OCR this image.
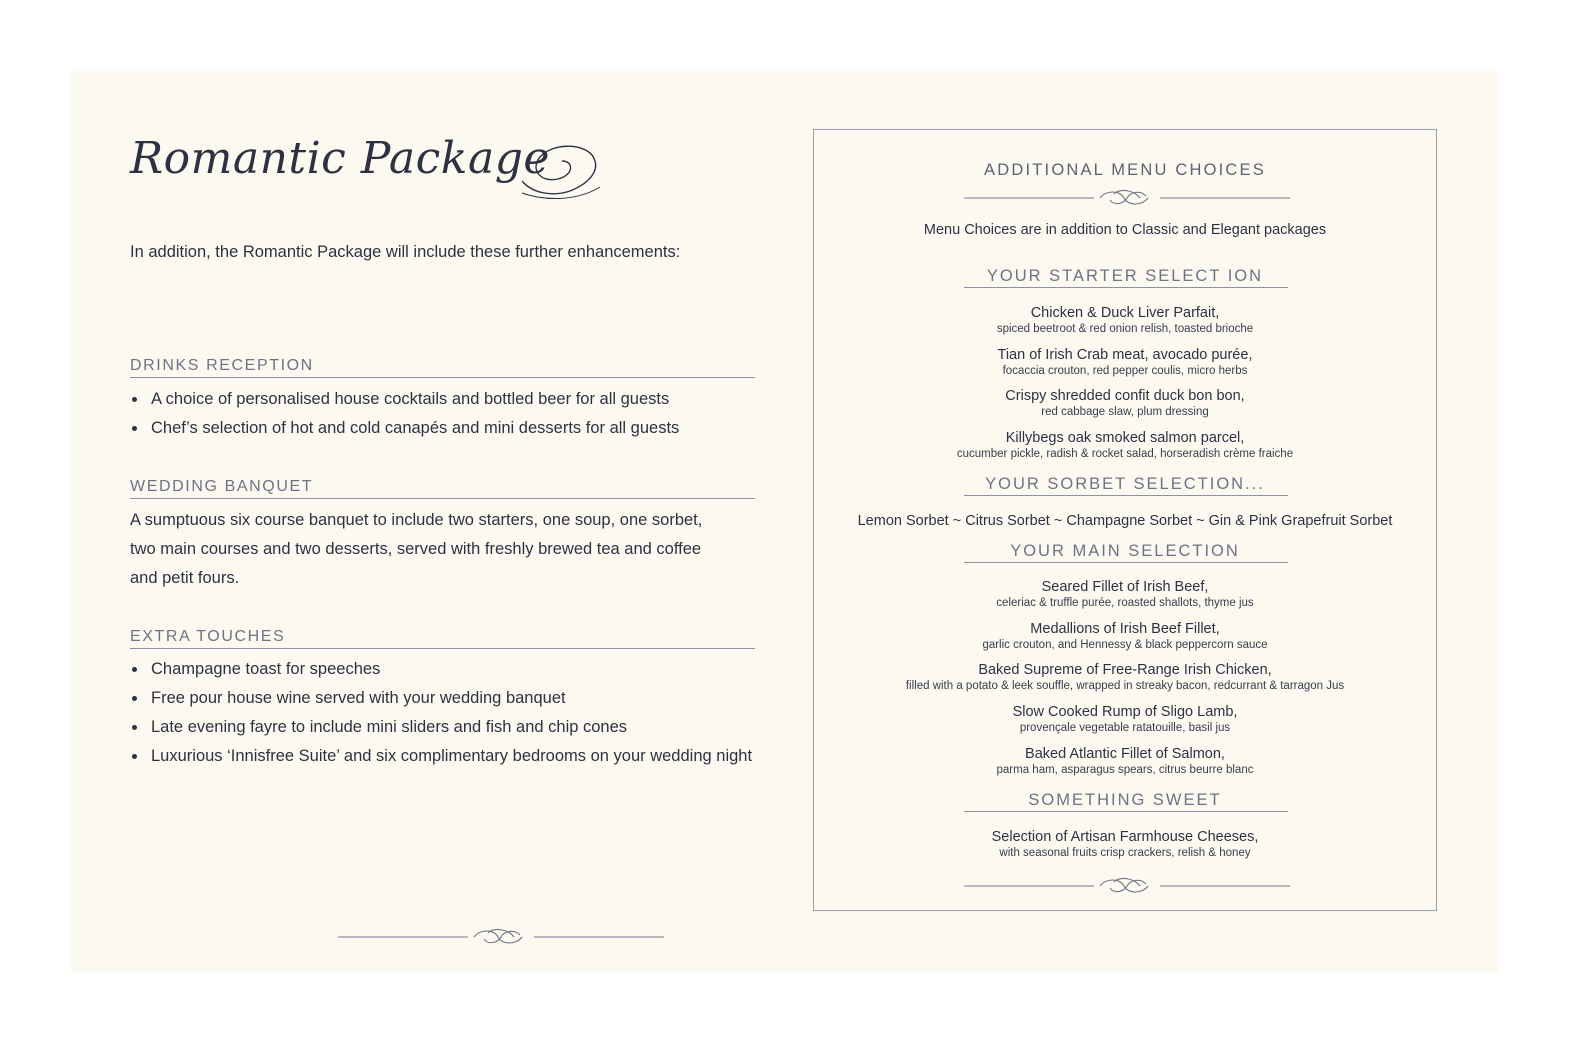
Romantic Package
In addition, the Romantic Package will include these further enhancements:
DRINKS RECEPTION
A choice of personalised house cocktails and bottled beer for all guests
Chef’s selection of hot and cold canapés and mini desserts for all guests
WEDDING BANQUET
A sumptuous six course banquet to include two starters, one soup, one sorbet,
two main courses and two desserts, served with freshly brewed tea and coffee
and petit fours.
EXTRA TOUCHES
Champagne toast for speeches
Free pour house wine served with your wedding banquet
Late evening fayre to include mini sliders and fish and chip cones
Luxurious ‘Innisfree Suite’ and six complimentary bedrooms on your wedding night
ADDITIONAL MENU CHOICES
Menu Choices are in addition to Classic and Elegant packages
YOUR STARTER SELECT ION
Chicken & Duck Liver Parfait,
spiced beetroot & red onion relish, toasted brioche
Tian of Irish Crab meat, avocado purée,
focaccia crouton, red pepper coulis, micro herbs
Crispy shredded confit duck bon bon,
red cabbage slaw, plum dressing
Killybegs oak smoked salmon parcel,
cucumber pickle, radish & rocket salad, horseradish crème fraiche
YOUR SORBET SELECTION...
Lemon Sorbet ~ Citrus Sorbet ~ Champagne Sorbet ~ Gin & Pink Grapefruit Sorbet
YOUR MAIN SELECTION
Seared Fillet of Irish Beef,
celeriac & truffle purée, roasted shallots, thyme jus
Medallions of Irish Beef Fillet,
garlic crouton, and Hennessy & black peppercorn sauce
Baked Supreme of Free-Range Irish Chicken,
filled with a potato & leek souffle, wrapped in streaky bacon, redcurrant & tarragon Jus
Slow Cooked Rump of Sligo Lamb,
provençale vegetable ratatouille, basil jus
Baked Atlantic Fillet of Salmon,
parma ham, asparagus spears, citrus beurre blanc
SOMETHING SWEET
Selection of Artisan Farmhouse Cheeses,
with seasonal fruits crisp crackers, relish & honey
